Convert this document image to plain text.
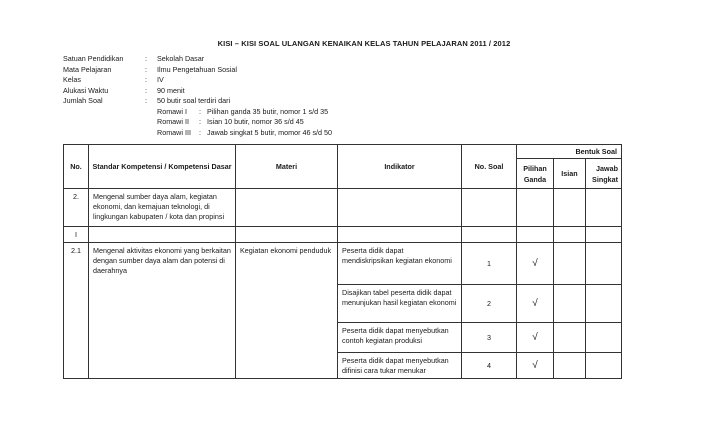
KISI – KISI SOAL ULANGAN KENAIKAN KELAS TAHUN PELAJARAN 2011 / 2012
Satuan Pendidikan	:	Sekolah Dasar
Mata Pelajaran	:	Ilmu Pengetahuan Sosial
Kelas	:	IV
Alukasi Waktu	:	90 menit
Jumlah Soal	:	50 butir soal terdiri dari
Romawi I	: Pilihan ganda 35 butir, nomor 1 s/d 35
Romawi II	: Isian 10 butir, nomor 36 s/d 45
Romawi III	: Jawab singkat 5 butir, momor 46 s/d 50
No.	Standar Kompetensi / Kompetensi Dasar	Materi	Indikator	No. Soal	Bentuk Soal		
					Pilihan Ganda	Isian	Jawab Singkat
2.	Mengenal sumber daya alam, kegiatan ekonomi, dan kemajuan teknologi, di lingkungan kabupaten / kota dan propinsi						
I							
2.1	Mengenal aktivitas ekonomi yang berkaitan dengan sumber daya alam dan potensi di daerahnya	Kegiatan ekonomi penduduk	Peserta didik dapat mendiskripsikan kegiatan ekonomi	1	√		
			Disajikan tabel peserta didik dapat menunjukan hasil kegiatan ekonomi	2	√		
			Peserta didik dapat menyebutkan contoh kegiatan produksi	3	√		
			Peserta didik dapat menyebutkan difinisi cara tukar menukar	4	√		
